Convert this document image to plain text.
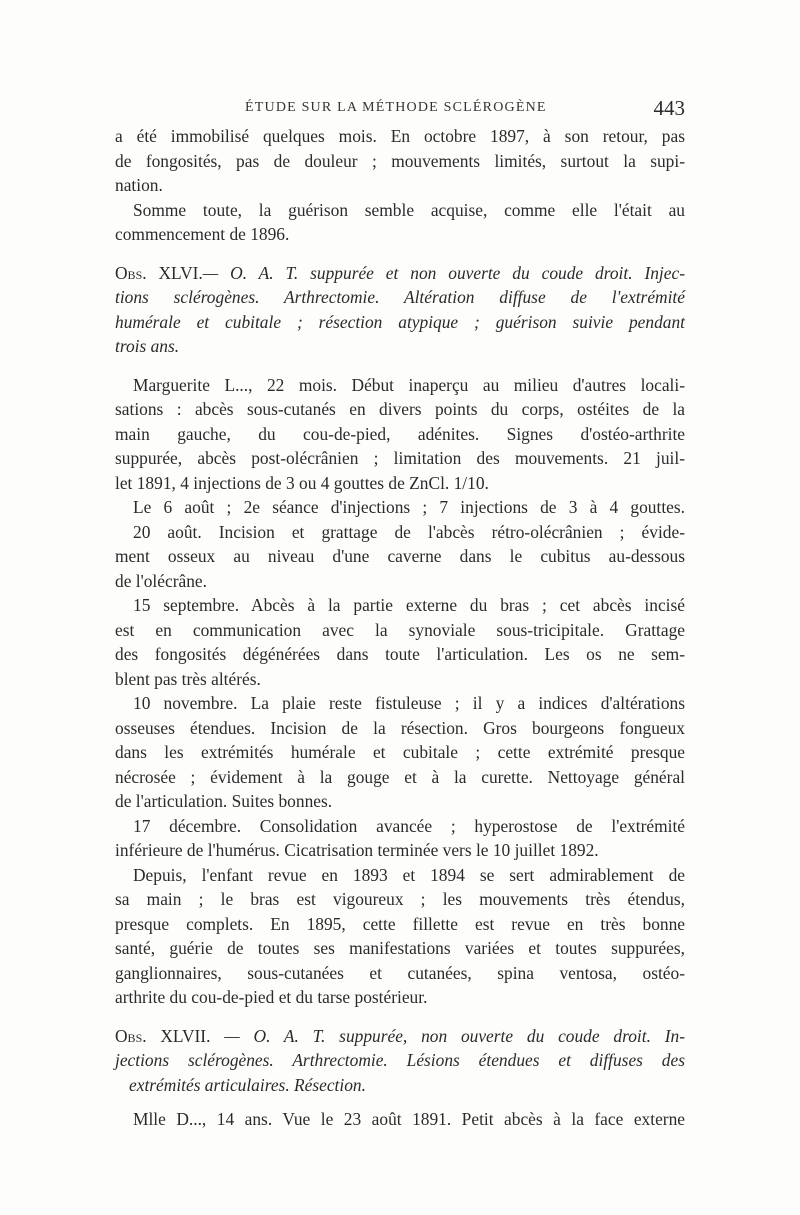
ÉTUDE SUR LA MÉTHODE SCLÉROGÈNE	443
a été immobilisé quelques mois. En octobre 1897, à son retour, pas
de fongosités, pas de douleur ; mouvements limités, surtout la supi-
nation.
Somme toute, la guérison semble acquise, comme elle l'était au
commencement de 1896.
Obs. XLVI.— O. A. T. suppurée et non ouverte du coude droit. Injec-
tions sclérogènes. Arthrectomie. Altération diffuse de l'extrémité
humérale et cubitale ; résection atypique ; guérison suivie pendant
trois ans.
Marguerite L..., 22 mois. Début inaperçu au milieu d'autres locali-
sations : abcès sous-cutanés en divers points du corps, ostéites de la
main gauche, du cou-de-pied, adénites. Signes d'ostéo-arthrite
suppurée, abcès post-olécrânien ; limitation des mouvements. 21 juil-
let 1891, 4 injections de 3 ou 4 gouttes de ZnCl. 1/10.
Le 6 août ; 2e séance d'injections ; 7 injections de 3 à 4 gouttes.
20 août. Incision et grattage de l'abcès rétro-olécrânien ; évide-
ment osseux au niveau d'une caverne dans le cubitus au-dessous
de l'olécrâne.
15 septembre. Abcès à la partie externe du bras ; cet abcès incisé
est en communication avec la synoviale sous-tricipitale. Grattage
des fongosités dégénérées dans toute l'articulation. Les os ne sem-
blent pas très altérés.
10 novembre. La plaie reste fistuleuse ; il y a indices d'altérations
osseuses étendues. Incision de la résection. Gros bourgeons fongueux
dans les extrémités humérale et cubitale ; cette extrémité presque
nécrosée ; évidement à la gouge et à la curette. Nettoyage général
de l'articulation. Suites bonnes.
17 décembre. Consolidation avancée ; hyperostose de l'extrémité
inférieure de l'humérus. Cicatrisation terminée vers le 10 juillet 1892.
Depuis, l'enfant revue en 1893 et 1894 se sert admirablement de
sa main ; le bras est vigoureux ; les mouvements très étendus,
presque complets. En 1895, cette fillette est revue en très bonne
santé, guérie de toutes ses manifestations variées et toutes suppurées,
ganglionnaires, sous-cutanées et cutanées, spina ventosa, ostéo-
arthrite du cou-de-pied et du tarse postérieur.
Obs. XLVII. — O. A. T. suppurée, non ouverte du coude droit. In-
jections sclérogènes. Arthrectomie. Lésions étendues et diffuses des
extrémités articulaires. Résection.
Mlle D..., 14 ans. Vue le 23 août 1891. Petit abcès à la face externe
